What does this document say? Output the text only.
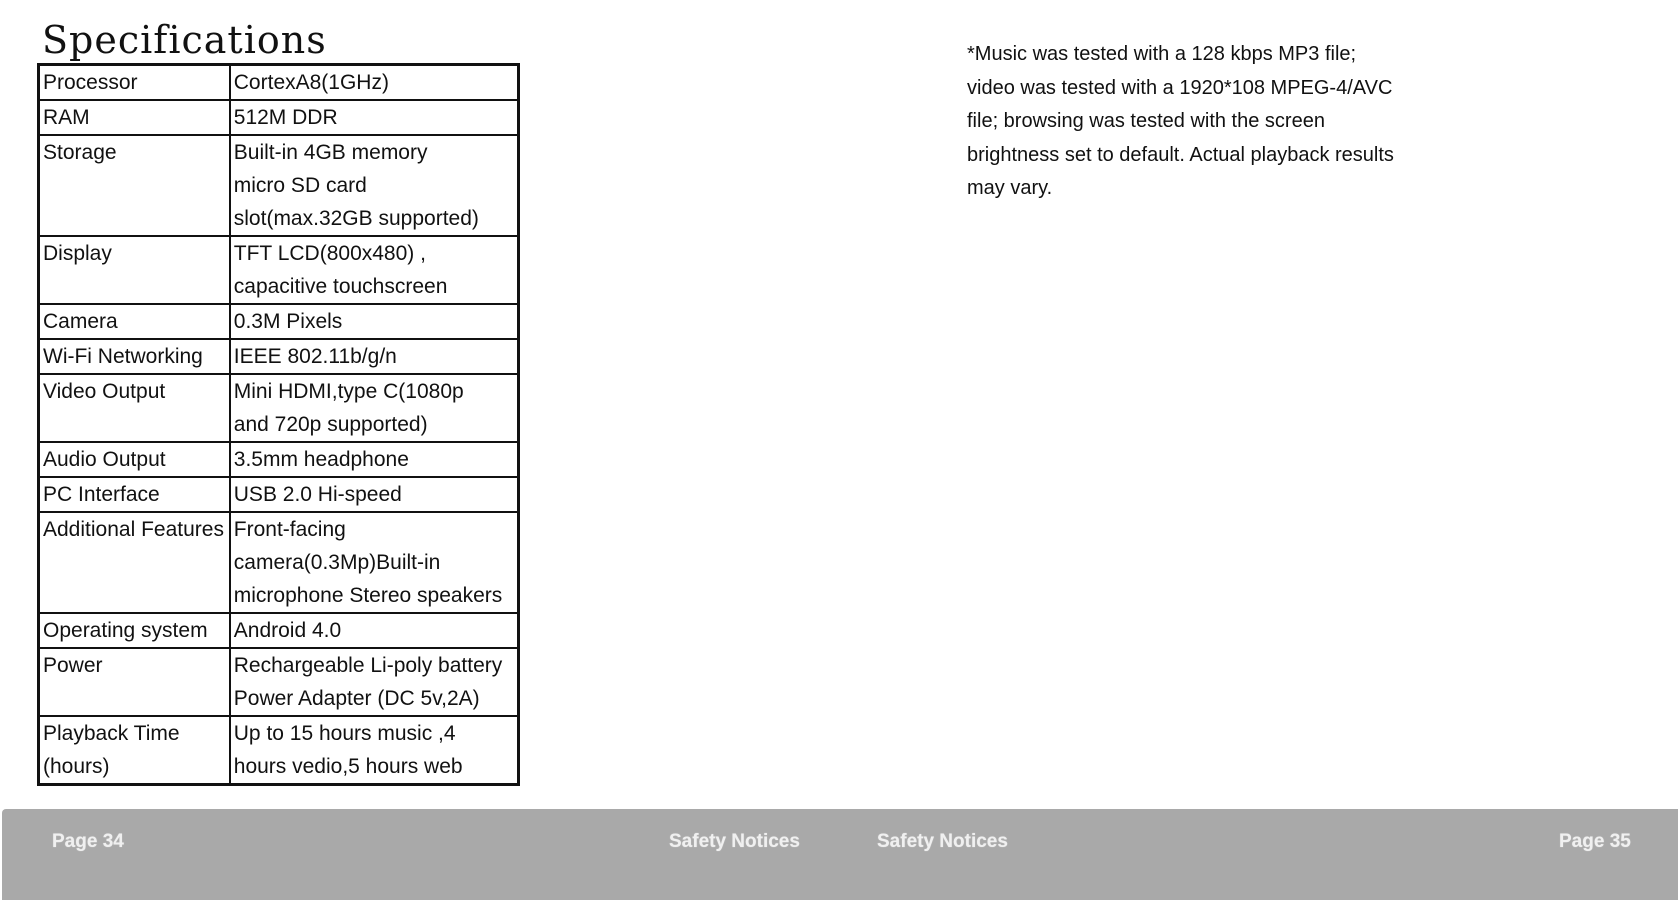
Specifications
Processor	CortexA8(1GHz)

RAM	512M DDR

Storage	Built-in 4GB memory
micro SD card
slot(max.32GB supported)

Display	TFT LCD(800x480) ,
capacitive touchscreen

Camera	0.3M Pixels

Wi-Fi Networking	IEEE 802.11b/g/n

Video Output	Mini HDMI,type C(1080p
and 720p supported)

Audio Output	3.5mm headphone

PC Interface	USB 2.0 Hi-speed

Additional Features	Front-facing
camera(0.3Mp)Built-in
microphone Stereo speakers

Operating system	Android 4.0

Power	Rechargeable Li-poly battery
Power Adapter (DC 5v,2A)

Playback Time
(hours)	Up to 15 hours music ,4
hours vedio,5 hours web
*Music was tested with a 128 kbps MP3 file;
video was tested with a 1920*108 MPEG-4/AVC
file; browsing was tested with the screen
brightness set to default. Actual playback results
may vary.
Page 34	Safety Notices	Safety Notices	Page 35
